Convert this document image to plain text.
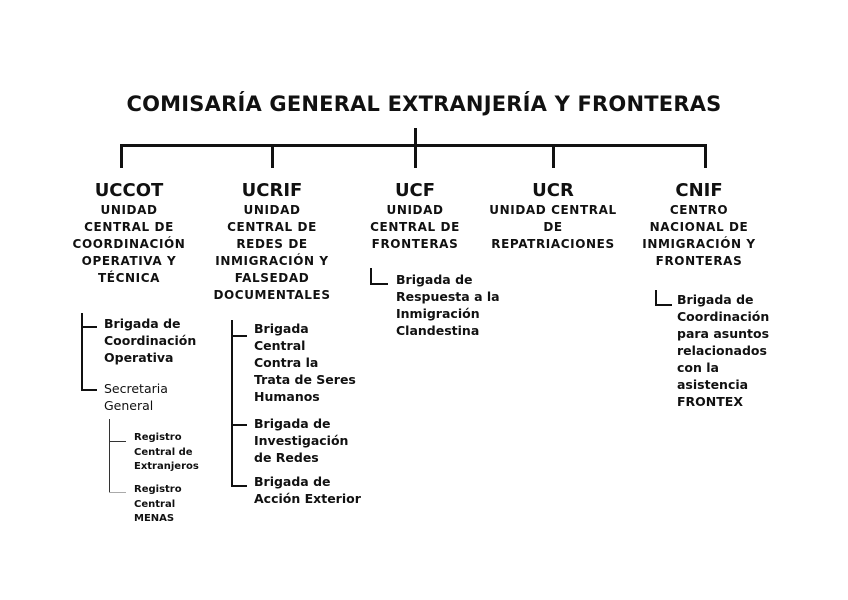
COMISARÍA GENERAL EXTRANJERÍA Y FRONTERAS
UCCOT
UNIDAD
CENTRAL DE
COORDINACIÓN
OPERATIVA Y
TÉCNICA
UCRIF
UNIDAD
CENTRAL DE
REDES DE
INMIGRACIÓN Y
FALSEDAD
DOCUMENTALES
UCF
UNIDAD
CENTRAL DE
FRONTERAS
UCR
UNIDAD CENTRAL
DE
REPATRIACIONES
CNIF
CENTRO
NACIONAL DE
INMIGRACIÓN Y
FRONTERAS
Brigada de
Coordinación
Operativa
Secretaria
General
Registro
Central de
Extranjeros
Registro
Central
MENAS
Brigada
Central
Contra la
Trata de Seres
Humanos
Brigada de
Investigación
de Redes
Brigada de
Acción Exterior
Brigada de
Respuesta a la
Inmigración
Clandestina
Brigada de
Coordinación
para asuntos
relacionados
con la
asistencia
FRONTEX
